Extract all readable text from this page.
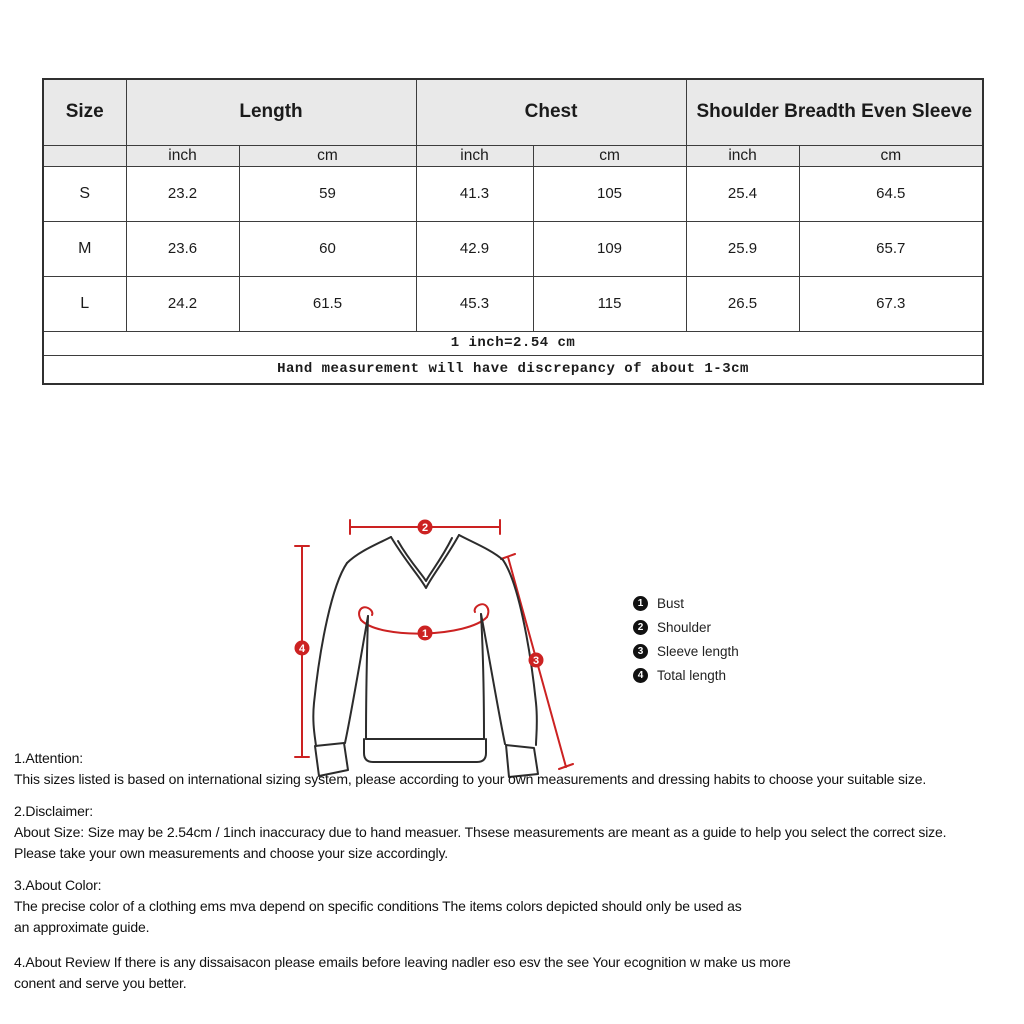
Size	Length		Chest		Shoulder Breadth Even Sleeve	
	inch	cm	inch	cm	inch	cm
S	23.2	59	41.3	105	25.4	64.5
M	23.6	60	42.9	109	25.9	65.7
L	24.2	61.5	45.3	115	26.5	67.3
1 inch=2.54 cm						
Hand measurement will have discrepancy of about 1-3cm						
1
2
3
4
1	Bust
2	Shoulder
3	Sleeve length
4	Total length
1.Attention:
This sizes listed is based on international sizing system, please according to your own measurements and dressing habits to choose your suitable size.
2.Disclaimer:
About Size: Size may be 2.54cm / 1inch inaccuracy due to hand measuer. Thsese measurements are meant as a guide to help you select the correct size.
Please take your own measurements and choose your size accordingly.
3.About Color:
The precise color of a clothing ems mva depend on specific conditions The items colors depicted should only be used as
an approximate guide.
4.About Review If there is any dissaisacon please emails before leaving nadler eso esv the see Your ecognition w make us more
conent and serve you better.
